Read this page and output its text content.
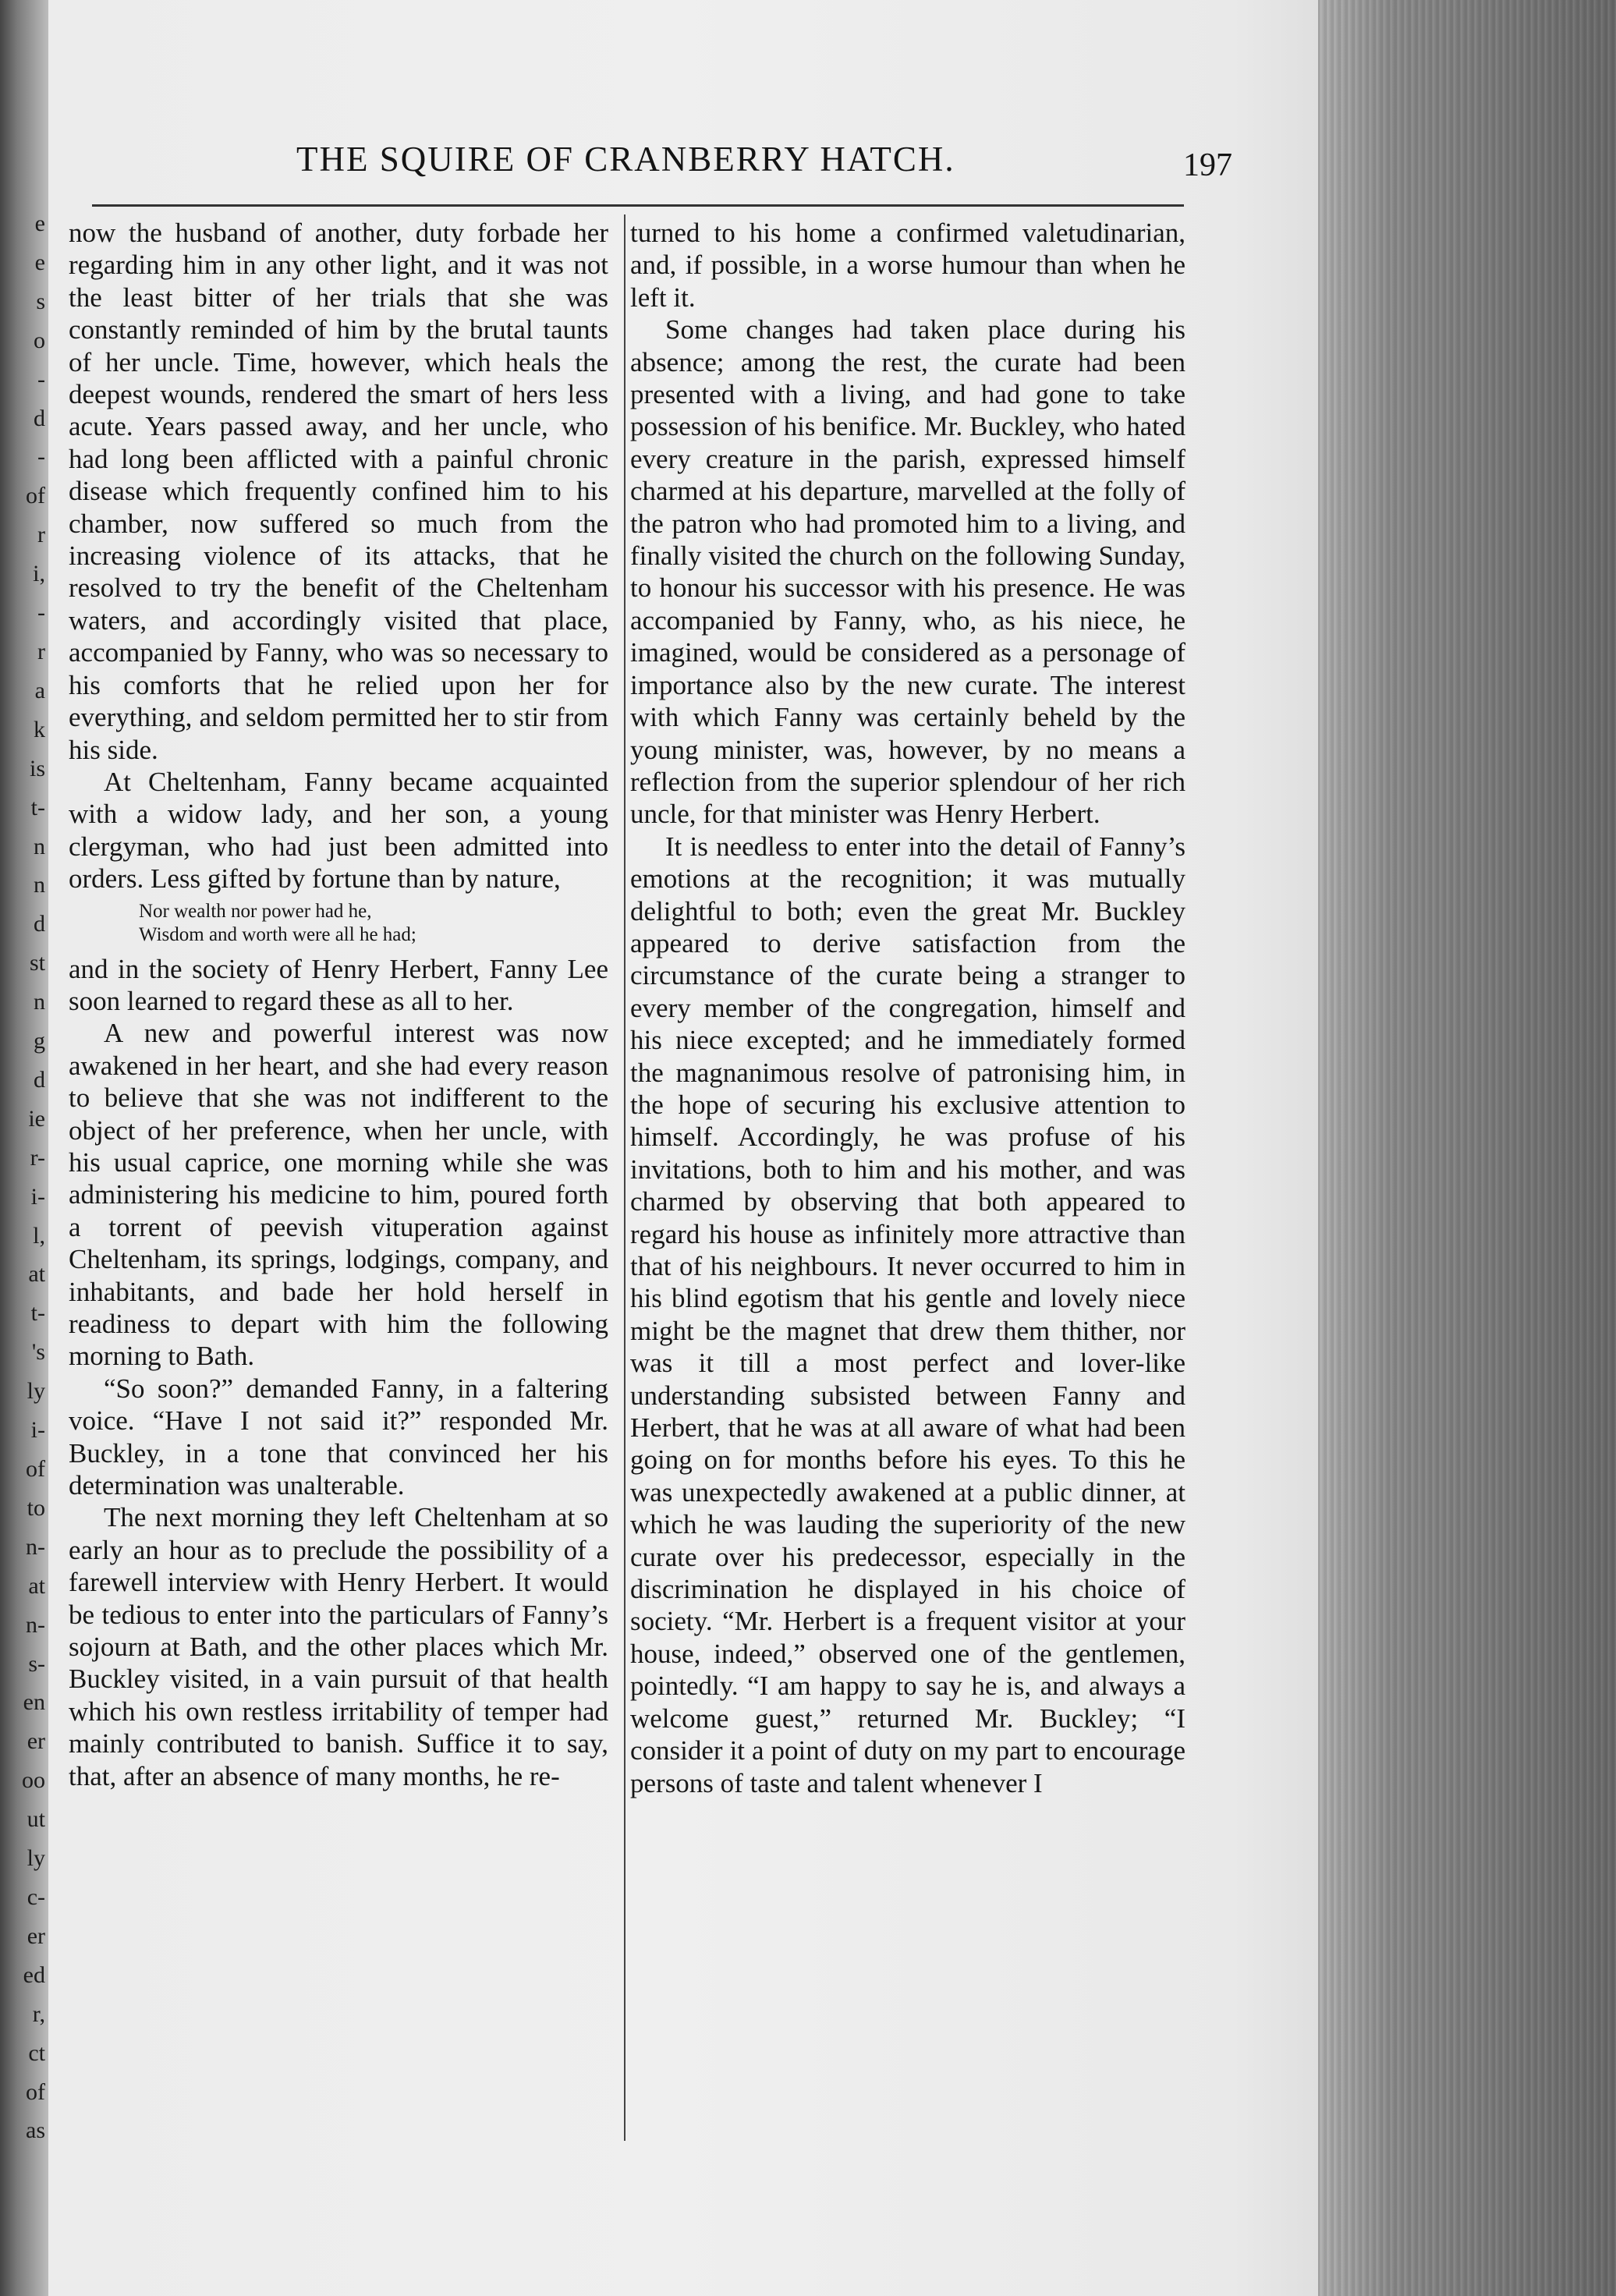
e
e
s
o
-
d
-
of
r
i,
-
r
a
k
is
t-
n
n
d
st
n
g
d
ie
r-
i-
l,
at
t-
's
ly
i-
of
to
n-
at
n-
s-
en
er
oo
ut
ly
c-
er
ed
r,
ct
of
as
THE SQUIRE OF CRANBERRY HATCH.	197

now the husband of another, duty forbade her regarding him in any other light, and it was not the least bitter of her trials that she was constantly reminded of him by the brutal taunts of her uncle. Time, however, which heals the deepest wounds, rendered the smart of hers less acute. Years passed away, and her uncle, who had long been afflicted with a painful chronic disease which frequently confined him to his chamber, now suffered so much from the increasing violence of its attacks, that he resolved to try the benefit of the Cheltenham waters, and accordingly visited that place, accompanied by Fanny, who was so necessary to his comforts that he relied upon her for everything, and seldom permitted her to stir from his side.

At Cheltenham, Fanny became acquainted with a widow lady, and her son, a young clergyman, who had just been admitted into orders. Less gifted by fortune than by nature,

Nor wealth nor power had he,
Wisdom and worth were all he had;

and in the society of Henry Herbert, Fanny Lee soon learned to regard these as all to her.

A new and powerful interest was now awakened in her heart, and she had every reason to believe that she was not indifferent to the object of her preference, when her uncle, with his usual caprice, one morning while she was administering his medicine to him, poured forth a torrent of peevish vituperation against Cheltenham, its springs, lodgings, company, and inhabitants, and bade her hold herself in readiness to depart with him the following morning to Bath.

“So soon?” demanded Fanny, in a faltering voice. “Have I not said it?” responded Mr. Buckley, in a tone that convinced her his determination was unalterable.

The next morning they left Cheltenham at so early an hour as to preclude the possibility of a farewell interview with Henry Herbert. It would be tedious to enter into the particulars of Fanny’s sojourn at Bath, and the other places which Mr. Buckley visited, in a vain pursuit of that health which his own restless irritability of temper had mainly contributed to banish. Suffice it to say, that, after an absence of many months, he re-

turned to his home a confirmed valetudinarian, and, if possible, in a worse humour than when he left it.

Some changes had taken place during his absence; among the rest, the curate had been presented with a living, and had gone to take possession of his benifice. Mr. Buckley, who hated every creature in the parish, expressed himself charmed at his departure, marvelled at the folly of the patron who had promoted him to a living, and finally visited the church on the following Sunday, to honour his successor with his presence. He was accompanied by Fanny, who, as his niece, he imagined, would be considered as a personage of importance also by the new curate. The interest with which Fanny was certainly beheld by the young minister, was, however, by no means a reflection from the superior splendour of her rich uncle, for that minister was Henry Herbert.

It is needless to enter into the detail of Fanny’s emotions at the recognition; it was mutually delightful to both; even the great Mr. Buckley appeared to derive satisfaction from the circumstance of the curate being a stranger to every member of the congregation, himself and his niece excepted; and he immediately formed the magnanimous resolve of patronising him, in the hope of securing his exclusive attention to himself. Accordingly, he was profuse of his invitations, both to him and his mother, and was charmed by observing that both appeared to regard his house as infinitely more attractive than that of his neighbours. It never occurred to him in his blind egotism that his gentle and lovely niece might be the magnet that drew them thither, nor was it till a most perfect and lover-like understanding subsisted between Fanny and Herbert, that he was at all aware of what had been going on for months before his eyes. To this he was unexpectedly awakened at a public dinner, at which he was lauding the superiority of the new curate over his predecessor, especially in the discrimination he displayed in his choice of society. “Mr. Herbert is a frequent visitor at your house, indeed,” observed one of the gentlemen, pointedly. “I am happy to say he is, and always a welcome guest,” returned Mr. Buckley; “I consider it a point of duty on my part to encourage persons of taste and talent whenever I
